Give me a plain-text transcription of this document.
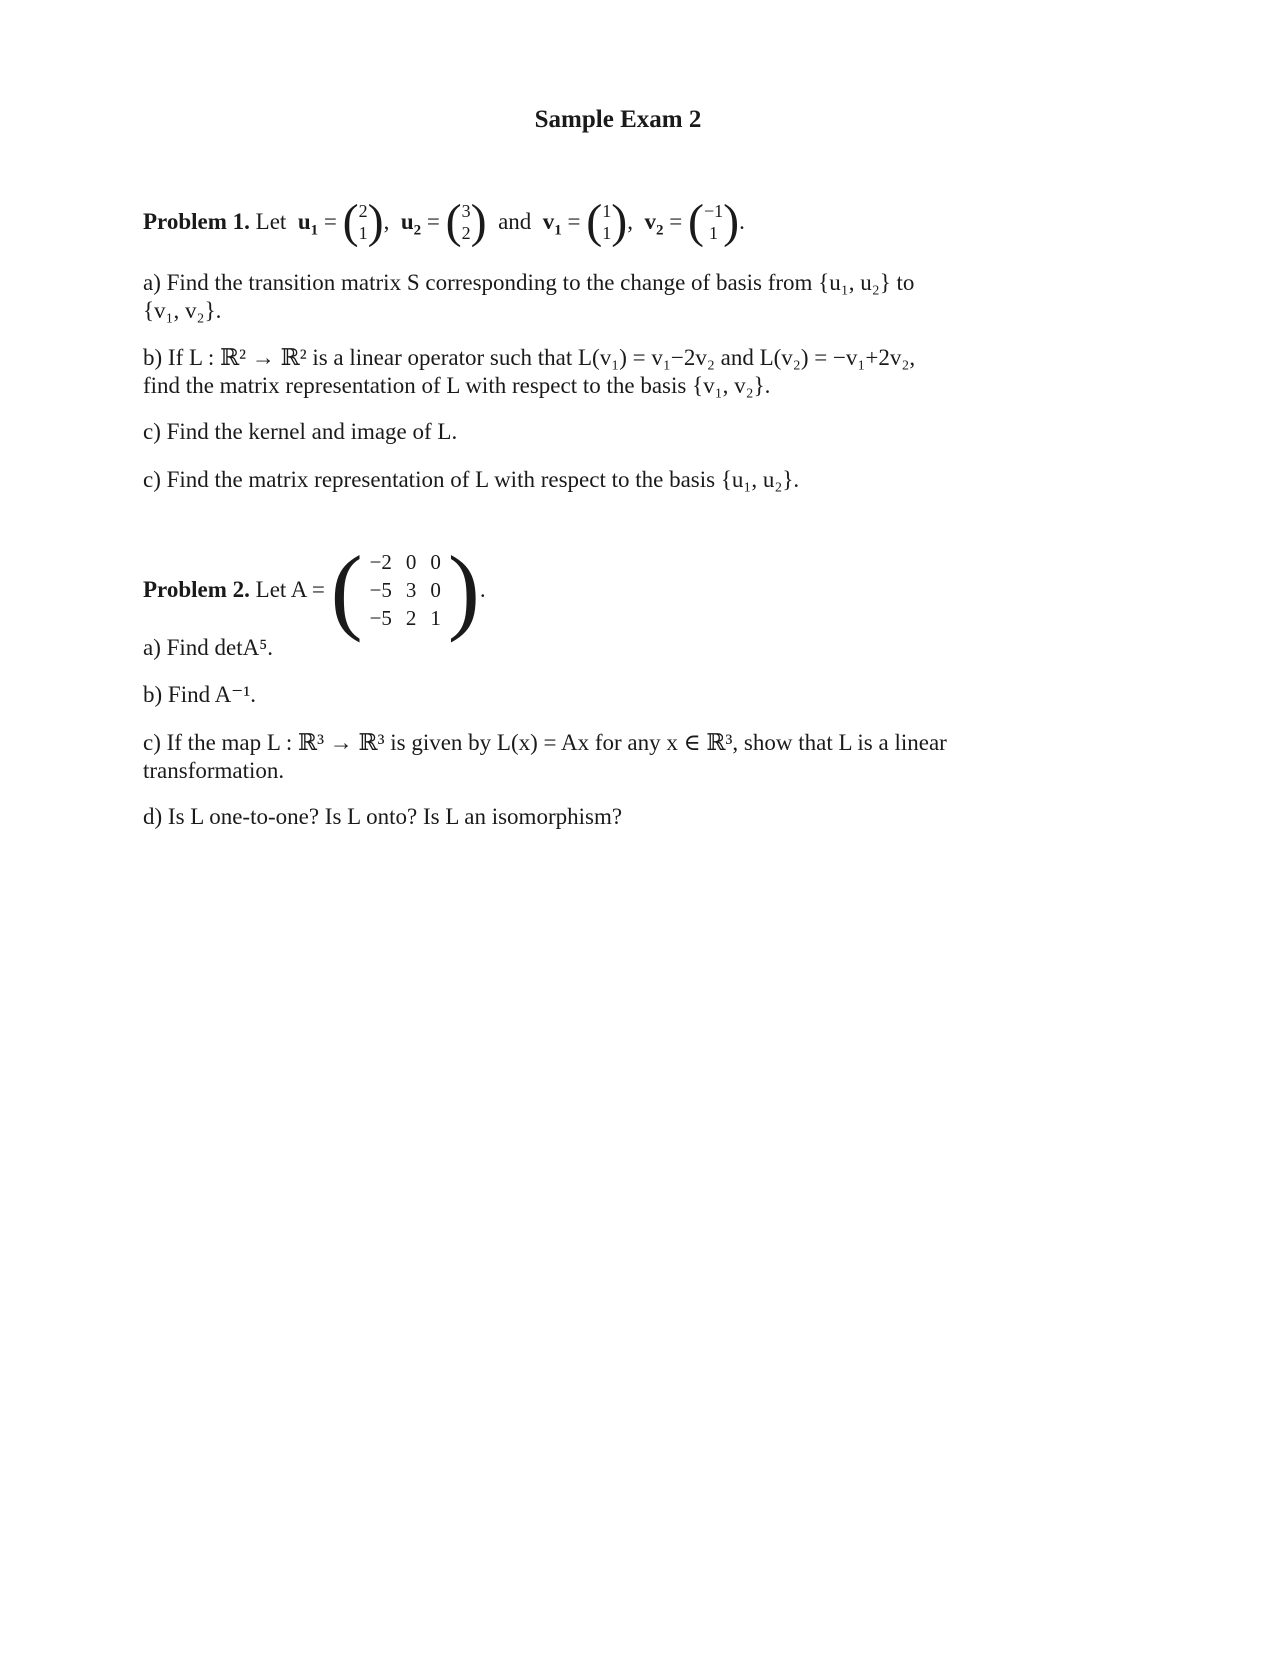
Sample Exam 2
Problem 1.
Let
$u_1$ = ( 2
1 ) , $u_2$ = ( 3
2 )
and
$v_1$ = ( 1
1 ) , $v_2$ = ( −1
1 ) .
a) Find the transition matrix S corresponding to the change of basis from {u₁, u₂} to
{v₁, v₂}.
b) If L : ℝ² → ℝ² is a linear operator such that L(v₁) = v₁−2v₂ and L(v₂) = −v₁+2v₂,
find the matrix representation of L with respect to the basis {v₁, v₂}.
c) Find the kernel and image of L.
c) Find the matrix representation of L with respect to the basis {u₁, u₂}.
Problem 2.
Let A =
( −2	0	0
−5	3	0
−5	2	1 ) .
a) Find detA⁵.
b) Find A⁻¹.
c) If the map L : ℝ³ → ℝ³ is given by L(x) = Ax for any x ∈ ℝ³, show that L is a linear
transformation.
d) Is L one-to-one? Is L onto? Is L an isomorphism?
